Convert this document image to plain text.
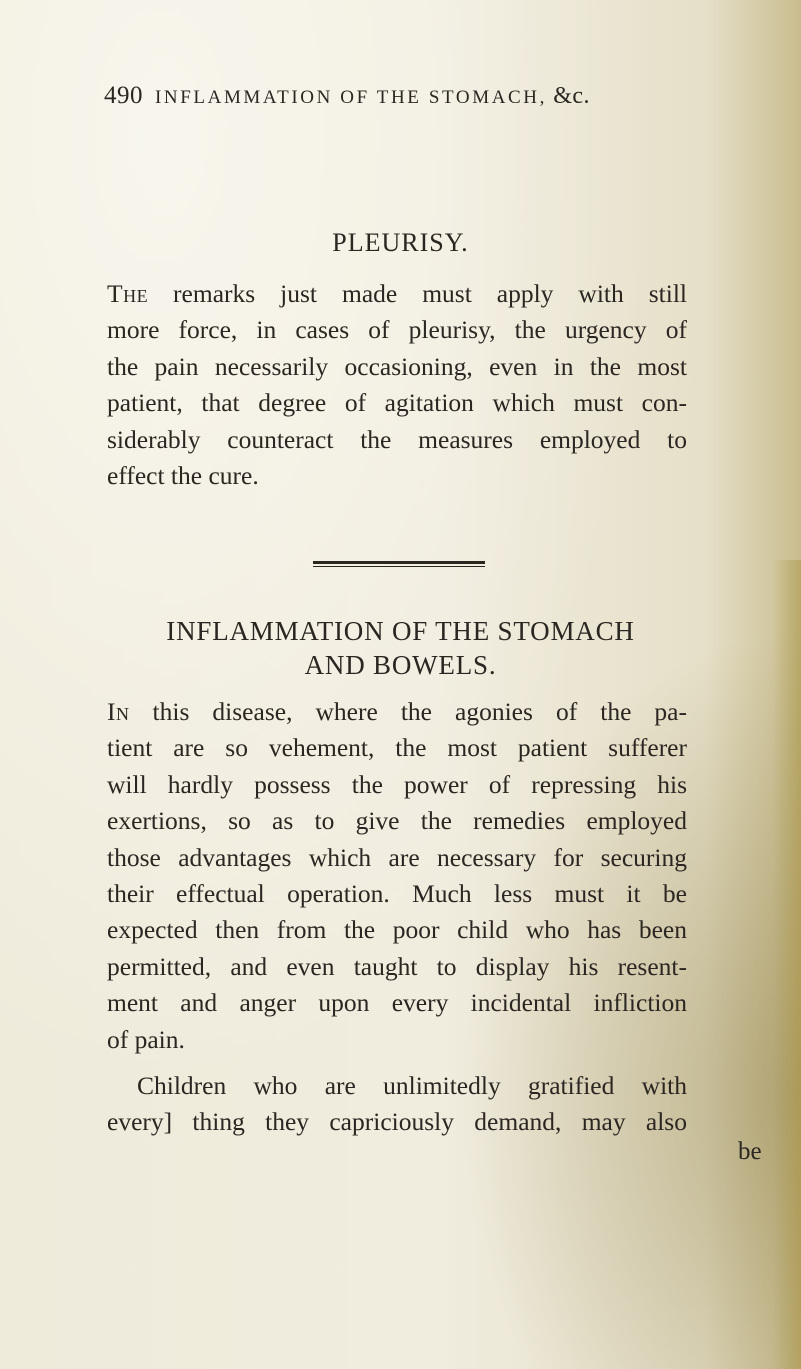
490 INFLAMMATION OF THE STOMACH, &c.
PLEURISY.
The remarks just made must apply with still
more force, in cases of pleurisy, the urgency of
the pain necessarily occasioning, even in the most
patient, that degree of agitation which must con-
siderably counteract the measures employed to
effect the cure.
INFLAMMATION OF THE STOMACH
AND BOWELS.
In this disease, where the agonies of the pa-
tient are so vehement, the most patient sufferer
will hardly possess the power of repressing his
exertions, so as to give the remedies employed
those advantages which are necessary for securing
their effectual operation. Much less must it be
expected then from the poor child who has been
permitted, and even taught to display his resent-
ment and anger upon every incidental infliction
of pain.
Children who are unlimitedly gratified with
every] thing they capriciously demand, may also
be
